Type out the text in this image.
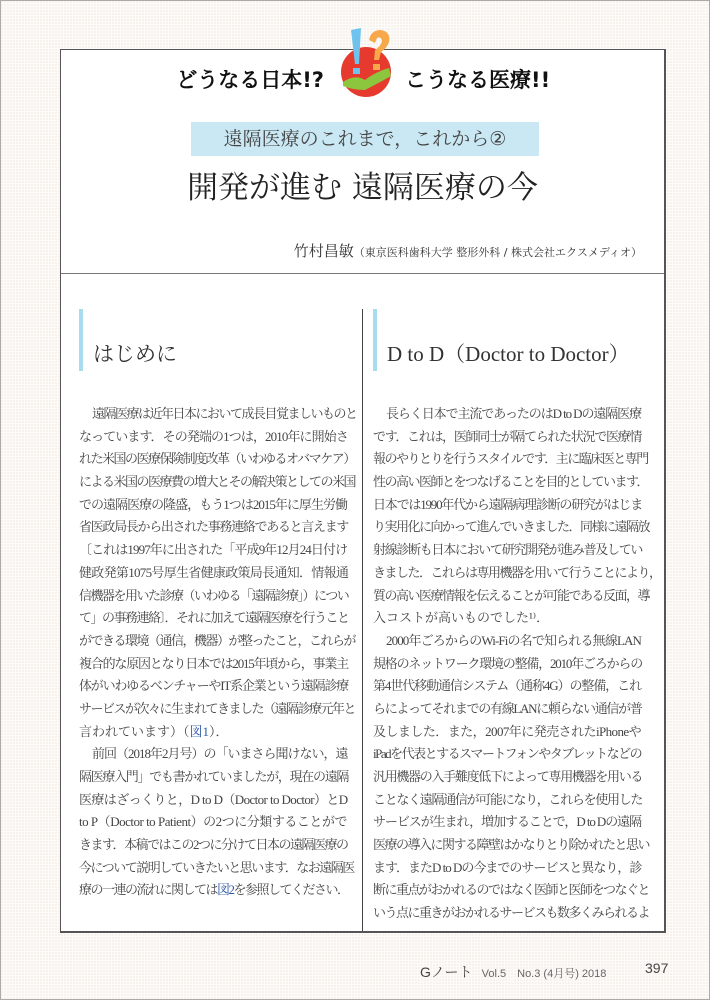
どうなる日本!?	こうなる医療!!
遠隔医療のこれまで，これから②
開発が進む 遠隔医療の今
竹村昌敏（東京医科歯科大学 整形外科 / 株式会社エクスメディオ）
はじめに
遠隔医療は近年日本において成長目覚ましいものと
なっています．その発端の1つは，2010年に開始さ
れた米国の医療保険制度改革（いわゆるオバマケア）
による米国の医療費の増大とその解決策としての米国
での遠隔医療の隆盛，もう1つは2015年に厚生労働
省医政局長から出された事務連絡であると言えます
〔これは1997年に出された「平成9年12月24日付け
健政発第1075号厚生省健康政策局長通知．情報通
信機器を用いた診療（いわゆる「遠隔診療」）につい
て」の事務連絡〕．それに加えて遠隔医療を行うこと
ができる環境（通信，機器）が整ったこと，これらが
複合的な原因となり日本では2015年頃から，事業主
体がいわゆるベンチャーやIT系企業という遠隔診療
サービスが次々に生まれてきました（遠隔診療元年と
言われています）（図1）．
前回（2018年2月号）の「いまさら聞けない，遠
隔医療入門」でも書かれていましたが，現在の遠隔
医療はざっくりと，D to D（Doctor to Doctor）とD
to P（Doctor to Patient）の2つに分類することがで
きます．本稿ではこの2つに分けて日本の遠隔医療の
今について説明していきたいと思います．なお遠隔医
療の一連の流れに関しては図2を参照してください．
D to D（Doctor to Doctor）
長らく日本で主流であったのはD to Dの遠隔医療
です．これは，医師同士が隔てられた状況で医療情
報のやりとりを行うスタイルです．主に臨床医と専門
性の高い医師とをつなげることを目的としています．
日本では1990年代から遠隔病理診断の研究がはじま
り実用化に向かって進んでいきました．同様に遠隔放
射線診断も日本において研究開発が進み普及してい
きました．これらは専用機器を用いて行うことにより，
質の高い医療情報を伝えることが可能である反面，導
入コストが高いものでした¹⁾．
2000年ごろからのWi-Fiの名で知られる無線LAN
規格のネットワーク環境の整備，2010年ごろからの
第4世代移動通信システム（通称4G）の整備，これ
らによってそれまでの有線LANに頼らない通信が普
及しました．また，2007年に発売されたiPhoneや
iPadを代表とするスマートフォンやタブレットなどの
汎用機器の入手難度低下によって専用機器を用いる
ことなく遠隔通信が可能になり，これらを使用した
サービスが生まれ，増加することで，D to Dの遠隔
医療の導入に関する障壁はかなりとり除かれたと思い
ます．またD to Dの今までのサービスと異なり，診
断に重点がおかれるのではなく医師と医師をつなぐと
いう点に重きがおかれるサービスも数多くみられるよ
Gノート Vol.5　No.3 (4月号) 2018	397
